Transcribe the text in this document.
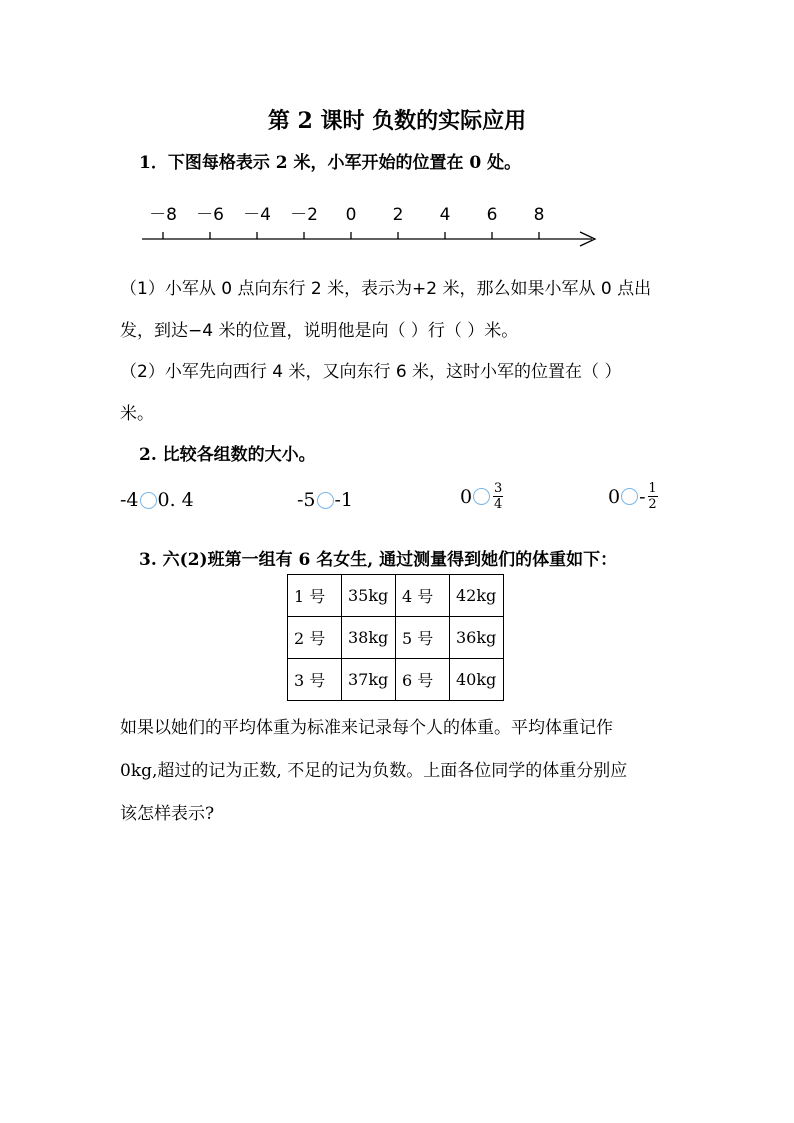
第 2 课时 负数的实际应用
1．下图每格表示 2 米，小军开始的位置在 0 处。
－8 －6 －4 －2 0 2 4 6 8
（1）小军从 0 点向东行 2 米，表示为+2 米，那么如果小军从 0 点出
发，到达−4 米的位置，说明他是向（ ）行（ ）米。
（2）小军先向西行 4 米，又向东行 6 米，这时小军的位置在（ ）
米。
2. 比较各组数的大小。
-4 0. 4	-5 -1	$0 \frac{3}{4}$	$0 - \frac{1}{2}$
3. 六(2)班第一组有 6 名女生, 通过测量得到她们的体重如下：
1 号	35kg	4 号	42kg
2 号	38kg	5 号	36kg
3 号	37kg	6 号	40kg
如果以她们的平均体重为标准来记录每个人的体重。平均体重记作
0kg,超过的记为正数, 不足的记为负数。上面各位同学的体重分别应
该怎样表示?
